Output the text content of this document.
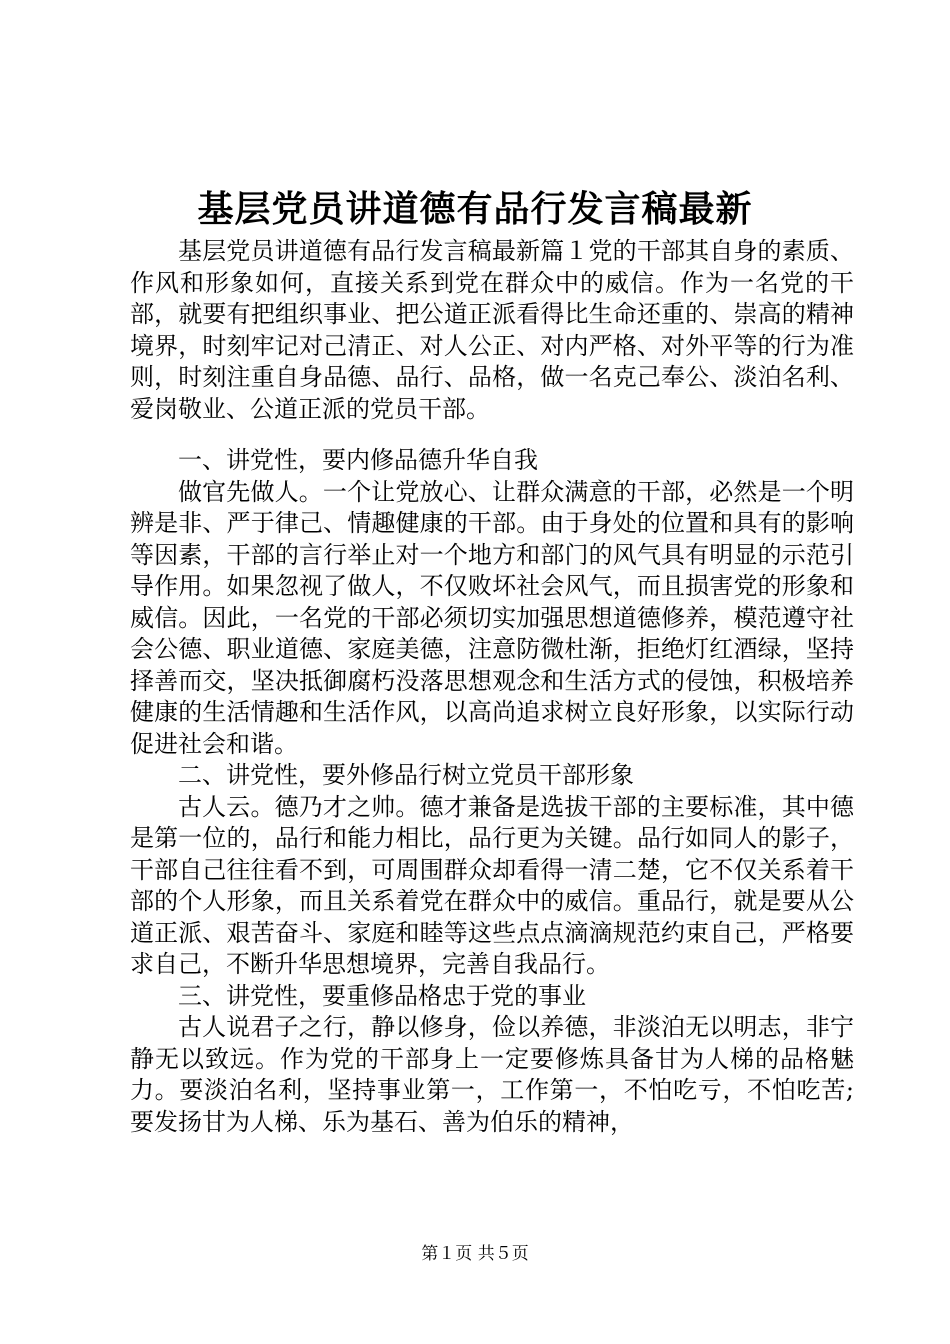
基层党员讲道德有品行发言稿最新

基层党员讲道德有品行发言稿最新篇１党的干部其自身的素质、作风和形象如何，直接关系到党在群众中的威信。作为一名党的干部，就要有把组织事业、把公道正派看得比生命还重的、崇高的精神境界，时刻牢记对己清正、对人公正、对内严格、对外平等的行为准则，时刻注重自身品德、品行、品格，做一名克己奉公、淡泊名利、爱岗敬业、公道正派的党员干部。

一、讲党性，要内修品德升华自我

做官先做人。一个让党放心、让群众满意的干部，必然是一个明辨是非、严于律己、情趣健康的干部。由于身处的位置和具有的影响等因素，干部的言行举止对一个地方和部门的风气具有明显的示范引导作用。如果忽视了做人，不仅败坏社会风气，而且损害党的形象和威信。因此，一名党的干部必须切实加强思想道德修养，模范遵守社会公德、职业道德、家庭美德，注意防微杜渐，拒绝灯红酒绿，坚持择善而交，坚决抵御腐朽没落思想观念和生活方式的侵蚀，积极培养健康的生活情趣和生活作风，以高尚追求树立良好形象，以实际行动促进社会和谐。

二、讲党性，要外修品行树立党员干部形象

古人云。德乃才之帅。德才兼备是选拔干部的主要标准，其中德是第一位的，品行和能力相比，品行更为关键。品行如同人的影子，干部自己往往看不到，可周围群众却看得一清二楚，它不仅关系着干部的个人形象，而且关系着党在群众中的威信。重品行，就是要从公道正派、艰苦奋斗、家庭和睦等这些点点滴滴规范约束自己，严格要求自己，不断升华思想境界，完善自我品行。

三、讲党性，要重修品格忠于党的事业

古人说君子之行，静以修身，俭以养德，非淡泊无以明志，非宁静无以致远。作为党的干部身上一定要修炼具备甘为人梯的品格魅力。要淡泊名利，坚持事业第一，工作第一，不怕吃亏，不怕吃苦;要发扬甘为人梯、乐为基石、善为伯乐的精神，

第１页 共５页
